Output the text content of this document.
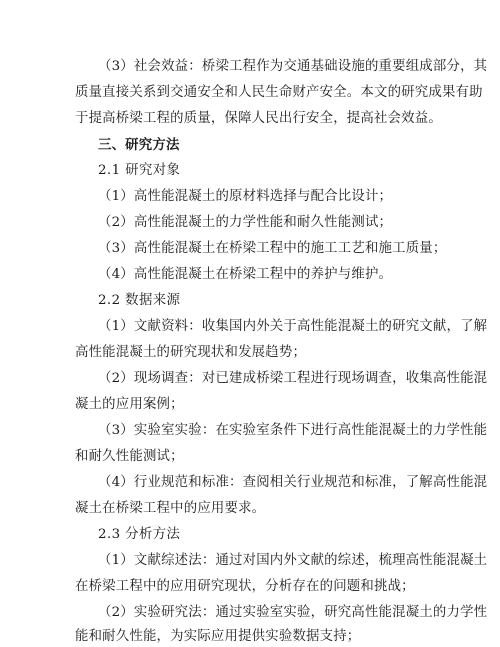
（3）社会效益：桥梁工程作为交通基础设施的重要组成部分，其
质量直接关系到交通安全和人民生命财产安全。本文的研究成果有助
于提高桥梁工程的质量，保障人民出行安全，提高社会效益。
三、研究方法
2.1 研究对象
（1）高性能混凝土的原材料选择与配合比设计；
（2）高性能混凝土的力学性能和耐久性能测试；
（3）高性能混凝土在桥梁工程中的施工工艺和施工质量；
（4）高性能混凝土在桥梁工程中的养护与维护。
2.2 数据来源
（1）文献资料：收集国内外关于高性能混凝土的研究文献，了解
高性能混凝土的研究现状和发展趋势；
（2）现场调查：对已建成桥梁工程进行现场调查，收集高性能混
凝土的应用案例；
（3）实验室实验：在实验室条件下进行高性能混凝土的力学性能
和耐久性能测试；
（4）行业规范和标准：查阅相关行业规范和标准，了解高性能混
凝土在桥梁工程中的应用要求。
2.3 分析方法
（1）文献综述法：通过对国内外文献的综述，梳理高性能混凝土
在桥梁工程中的应用研究现状，分析存在的问题和挑战；
（2）实验研究法：通过实验室实验，研究高性能混凝土的力学性
能和耐久性能，为实际应用提供实验数据支持；
